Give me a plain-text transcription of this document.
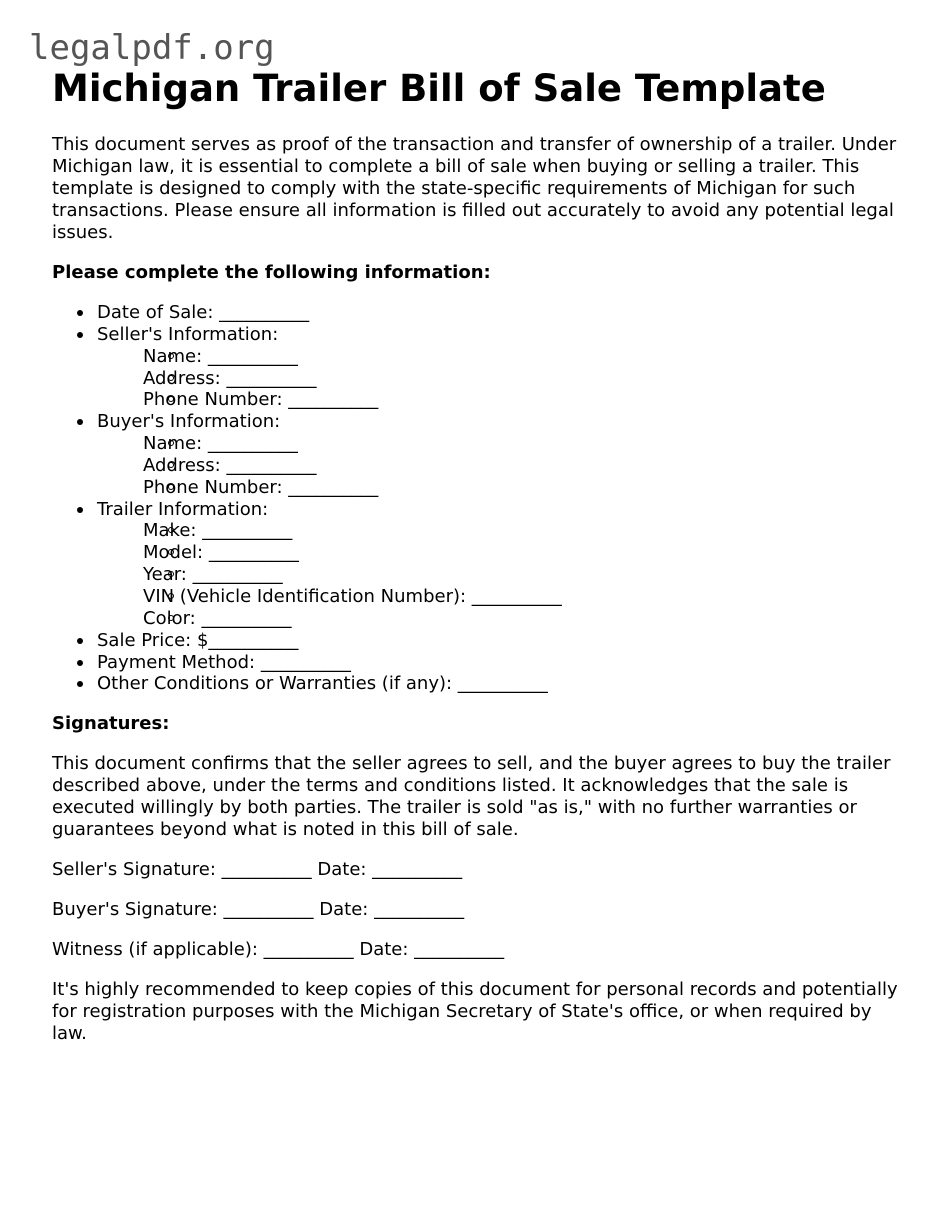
legalpdf.org
Michigan Trailer Bill of Sale Template

This document serves as proof of the transaction and transfer of ownership of a trailer. Under Michigan law, it is essential to complete a bill of sale when buying or selling a trailer. This template is designed to comply with the state-specific requirements of Michigan for such transactions. Please ensure all information is filled out accurately to avoid any potential legal issues.

Please complete the following information:

Date of Sale: __________
Seller's Information:
Name: __________
Address: __________
Phone Number: __________
Buyer's Information:
Name: __________
Address: __________
Phone Number: __________
Trailer Information:
Make: __________
Model: __________
Year: __________
VIN (Vehicle Identification Number): __________
Color: __________
Sale Price: $__________
Payment Method: __________
Other Conditions or Warranties (if any): __________

Signatures:

This document confirms that the seller agrees to sell, and the buyer agrees to buy the trailer described above, under the terms and conditions listed. It acknowledges that the sale is executed willingly by both parties. The trailer is sold "as is," with no further warranties or guarantees beyond what is noted in this bill of sale.

Seller's Signature: __________ Date: __________

Buyer's Signature: __________ Date: __________

Witness (if applicable): __________ Date: __________

It's highly recommended to keep copies of this document for personal records and potentially for registration purposes with the Michigan Secretary of State's office, or when required by law.
